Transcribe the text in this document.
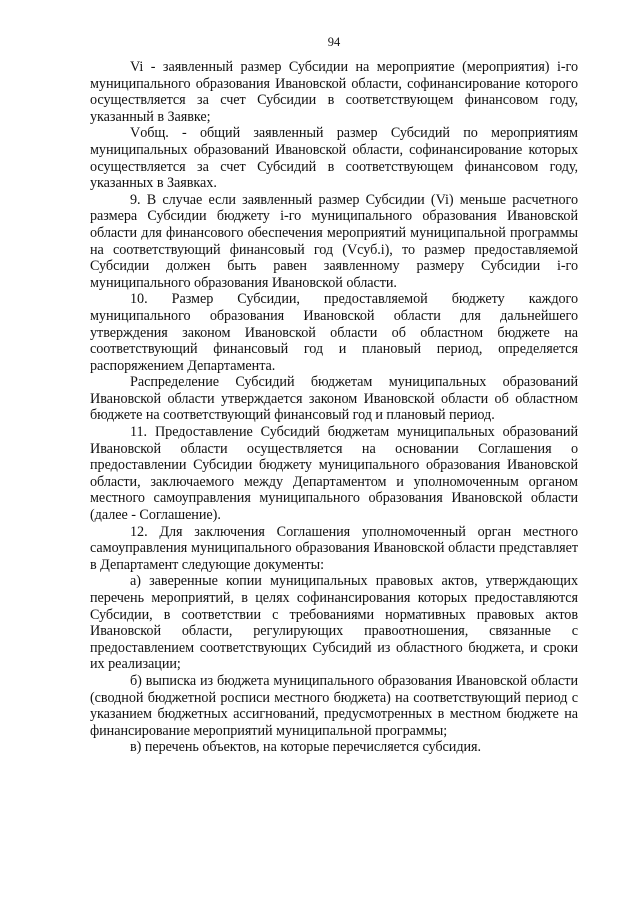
94

Vi - заявленный размер Субсидии на мероприятие (мероприятия) i-го муниципального образования Ивановской области, софинансирование которого осуществляется за счет Субсидии в соответствующем финансовом году, указанный в Заявке;

Vобщ. - общий заявленный размер Субсидий по мероприятиям муниципальных образований Ивановской области, софинансирование которых осуществляется за счет Субсидий в соответствующем финансовом году, указанных в Заявках.

9. В случае если заявленный размер Субсидии (Vi) меньше расчетного размера Субсидии бюджету i-го муниципального образования Ивановской области для финансового обеспечения мероприятий муниципальной программы на соответствующий финансовый год (Vсуб.i), то размер предоставляемой Субсидии должен быть равен заявленному размеру Субсидии i-го муниципального образования Ивановской области.

10. Размер Субсидии, предоставляемой бюджету каждого муниципального образования Ивановской области для дальнейшего утверждения законом Ивановской области об областном бюджете на соответствующий финансовый год и плановый период, определяется распоряжением Департамента.

Распределение Субсидий бюджетам муниципальных образований Ивановской области утверждается законом Ивановской области об областном бюджете на соответствующий финансовый год и плановый период.

11. Предоставление Субсидий бюджетам муниципальных образований Ивановской области осуществляется на основании Соглашения о предоставлении Субсидии бюджету муниципального образования Ивановской области, заключаемого между Департаментом и уполномоченным органом местного самоуправления муниципального образования Ивановской области (далее - Соглашение).

12. Для заключения Соглашения уполномоченный орган местного самоуправления муниципального образования Ивановской области представляет в Департамент следующие документы:

а) заверенные копии муниципальных правовых актов, утверждающих перечень мероприятий, в целях софинансирования которых предоставляются Субсидии, в соответствии с требованиями нормативных правовых актов Ивановской области, регулирующих правоотношения, связанные с предоставлением соответствующих Субсидий из областного бюджета, и сроки их реализации;

б) выписка из бюджета муниципального образования Ивановской области (сводной бюджетной росписи местного бюджета) на соответствующий период с указанием бюджетных ассигнований, предусмотренных в местном бюджете на финансирование мероприятий муниципальной программы;

в) перечень объектов, на которые перечисляется субсидия.
